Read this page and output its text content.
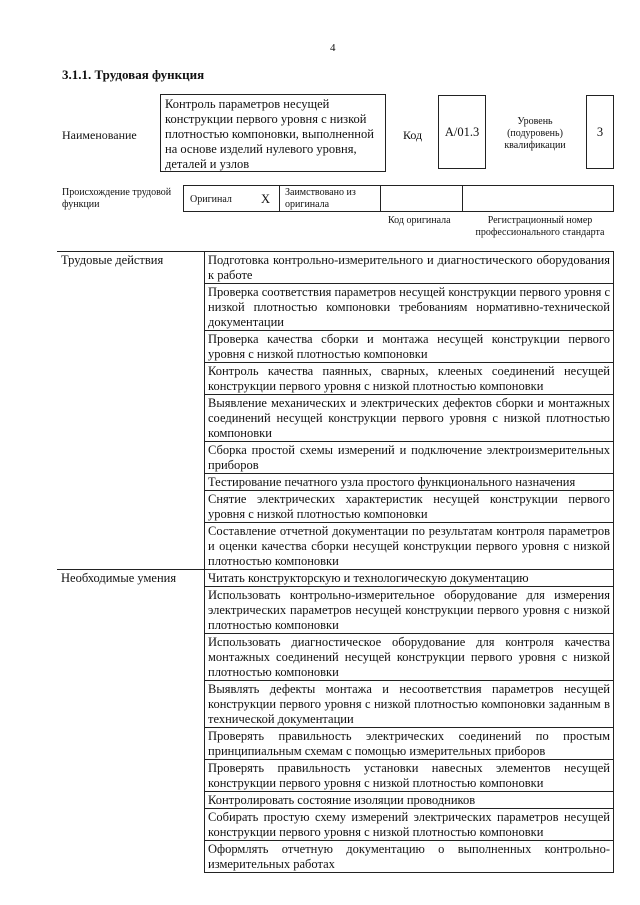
4
3.1.1. Трудовая функция
Наименование
Контроль параметров несущей конструкции первого уровня с низкой плотностью компоновки, выполненной на основе изделий нулевого уровня, деталей и узлов
Код A/01.3
Уровень (подуровень) квалификации
3
Происхождение трудовой функции	Оригинал X Заимствовано из оригинала
Код оригинала	Регистрационный номер профессионального стандарта
Трудовые действия	Подготовка контрольно-измерительного и диагностического оборудования к работе
	Проверка соответствия параметров несущей конструкции первого уровня с низкой плотностью компоновки требованиям нормативно-технической документации
	Проверка качества сборки и монтажа несущей конструкции первого уровня с низкой плотностью компоновки
	Контроль качества паянных, сварных, клееных соединений несущей конструкции первого уровня с низкой плотностью компоновки
	Выявление механических и электрических дефектов сборки и монтажных соединений несущей конструкции первого уровня с низкой плотностью компоновки
	Сборка простой схемы измерений и подключение электроизмерительных приборов
	Тестирование печатного узла простого функционального назначения
	Снятие электрических характеристик несущей конструкции первого уровня с низкой плотностью компоновки
	Составление отчетной документации по результатам контроля параметров и оценки качества сборки несущей конструкции первого уровня с низкой плотностью компоновки
Необходимые умения	Читать конструкторскую и технологическую документацию
	Использовать контрольно-измерительное оборудование для измерения электрических параметров несущей конструкции первого уровня с низкой плотностью компоновки
	Использовать диагностическое оборудование для контроля качества монтажных соединений несущей конструкции первого уровня с низкой плотностью компоновки
	Выявлять дефекты монтажа и несоответствия параметров несущей конструкции первого уровня с низкой плотностью компоновки заданным в технической документации
	Проверять правильность электрических соединений по простым принципиальным схемам с помощью измерительных приборов
	Проверять правильность установки навесных элементов несущей конструкции первого уровня с низкой плотностью компоновки
	Контролировать состояние изоляции проводников
	Собирать простую схему измерений электрических параметров несущей конструкции первого уровня с низкой плотностью компоновки
	Оформлять отчетную документацию о выполненных контрольно-измерительных работах
